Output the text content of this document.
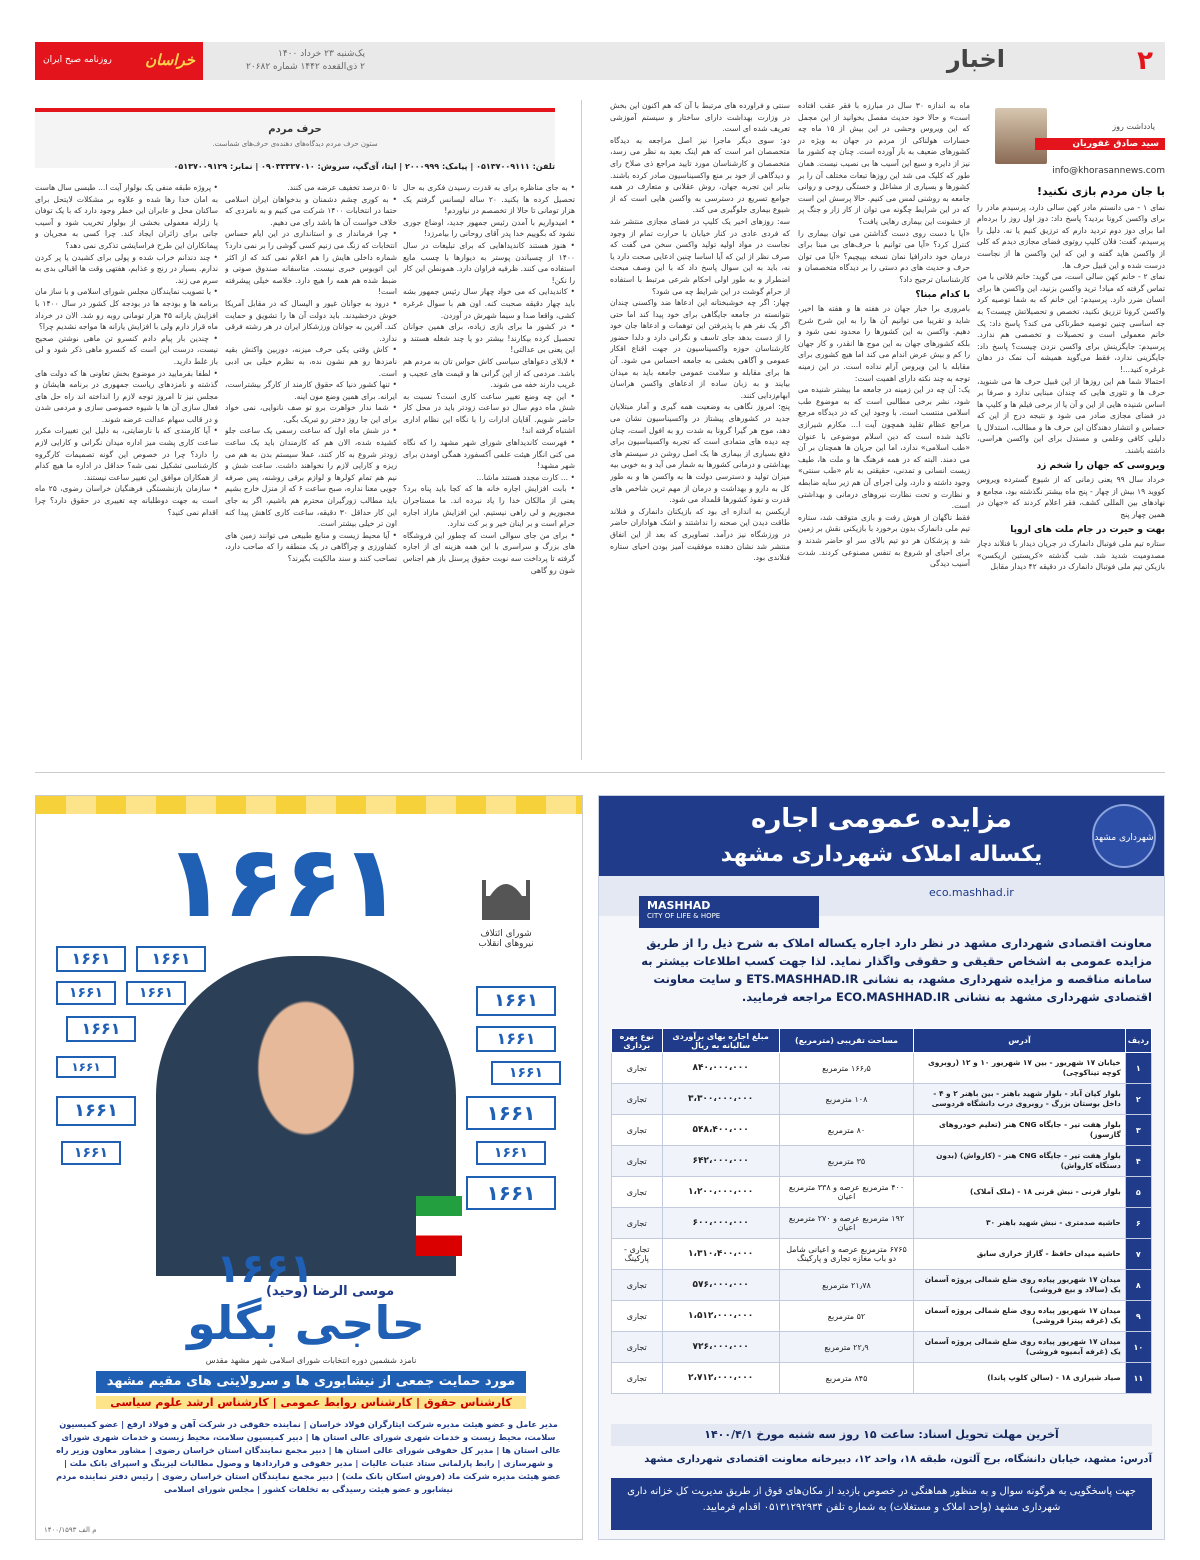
۲
اخبار
یک‌شنبه ۲۳ خرداد ۱۴۰۰
۲ ذی‌القعده ۱۴۴۲ شماره ۲۰۶۸۲
خراسان
روزنامه صبح ایران
یادداشت روز
سید صادق غفوریان
info@khorasannews.com
با جان مردم بازی نکنید!

نمای ۱ - می دانستم مادر کهن سالی دارد، پرسیدم مادر را برای واکسن کرونا بردید؟ پاسخ داد: دوز اول روز را برده‌ام اما برای دوز دوم تردید دارم که ترزیق کنیم یا نه. دلیل را پرسیدم، گفت: فلان کلیپ روتوی فضای مجازی دیدم که کلی از واکسن هاید گفته و این که این واکسن ها از نجاست درست شده و این قبیل حرف ها.

نمای ۲ - خانم کهن سالی است، می گوید: خانم فلانی با من تماس گرفته که میاد! ترید واکسن بزنید، این واکسن ها برای انسان ضرر دارد. پرسیدم: این خانم که به شما توصیه کرد واکسن کرونا تزریق نکنید، تخصص و تحصیلاتش چیست؟ به جه اساسی چنین توصیه خطرناکی می کند؟ پاسخ داد: یک خانم معمولی است و تحصیلات و تخصصی هم ندارد. پرسیدم: جایگزینش برای واکسن نزدن چیست؟ پاسخ داد: جایگزینی ندارد، فقط می‌گوید همیشه آب نمک در دهان غرغره کنید...!

احتمالا شما هم این روزها از این قبیل حرف ها می شنوید، حرف ها و تئوری هایی که چندان مبنایی ندارد و صرفا بر اساس شنیده هایی از این و آن یا از برخی فیلم ها و کلیپ ها در فضای مجازی صادر می شود و نتیجه درج از این که حساس و انتشار دهندگان این حرف ها و مطالب، استدلال یا دلیلی کافی وعلمی و مستدل برای این واکسن هراسی، داشته باشند.

ویروسی که جهان را شخم زد

خرداد سال ۹۹ یعنی زمانی که از شیوع گسترده ویروس کووید ۱۹ بیش از چهار - پنج ماه بیشتر نگذشته بود، مجامع و نهادهای بین المللی کشف، فقر اعلام کردند که «جهان در همین چهار پنج

بهت و حیرت در جام ملت های اروپا

ستاره تیم ملی فوتبال دانمارک در جریان دیدار با فنلاند دچار مصدومیت شدید شد. شب گذشته «کریستین اریکسن» بازیکن تیم ملی فوتبال دانمارک در دقیقه ۴۲ دیدار مقابل

ماه به اندازه ۳۰ سال در مبارزه با فقر عقب افتاده است» و حالا خود حدیث مفصل بخوانید از این مجمل که این ویروس وحشی در این بیش از ۱۵ ماه چه خسارات هولناکی از مردم در جهان به ویژه در کشورهای ضعیف به بار آورده است. چنان چه کشور ما نیز از دایره و سیع این آسیب ها بی نصیب نیست. همان طور که کلیک می شد این روزها تبعات مختلف آن را بر کشورها و بسیاری از مشاغل و خستگی روحی و روانی جامعه به روشنی لمس می کنیم. حالا پرسش این است که در این شرایط چگونه می توان از کار زار و جنگ پر از خشونت این بیماری رهایی یافت؟

«آیا با دست روی دست گذاشتن می توان بیماری را کنترل کرد؟ «آیا می توانیم با حرف‌های بی مبنا برای درمان خود دادرافیا نمان نسخه بپیچیم؟ «آیا می توان حرف و حدیث های دم دستی را بر دیدگاه متخصصان و کارشناسان ترجیح داد؟

با کدام مبنا؟

بامروری برا خبار جهان در هفته ها و هفته ها اخیر، شاید و تقریبا می توانیم آن ها را به این شرح شرح دهیم. واکسن به این کشورها را محدود نمی شود و بلکه کشورهای جهان به این موج ها انقدر، و کار جهان را کم و بیش عرض اندام می کند اما هیچ کشوری برای مقابله با این ویروس آرام نداده است. در این زمینه توجه به چند نکته دارای اهمیت است:

یک: آن چه در این زمینه در جامعه ما بیشتر شنیده می شود، نشر برخی مطالبی است که به موضوع طب اسلامی منتسب است. با وجود این که در دیدگاه مرجع مراجع عظام تقلید همچون آیت ا... مکارم شیرازی تاکید شده است که دین اسلام موضوعی با عنوان «طب اسلامی» ندارد، اما این جریان ها همچنان بر آن می دمند. البته که در همه فرهنگ ها و ملت ها، طیف زیست انسانی و تمدنی، حقیقتی به نام «طب سنتی» وجود داشته و دارد، ولی اجرای آن هم زیر سایه ضابطه و نظارت و تحت نظارت نیروهای درمانی و بهداشتی است.

فقط ناگهان از هوش رفت و بازی متوقف شد، ستاره تیم ملی دانمارک بدون برخورد با بازیکنی نقش بر زمین شد و پزشکان هر دو تیم بالای سر او حاضر شدند و برای احیای او شروع به تنفس مصنوعی کردند. شدت آسیب دیدگی

سنتی و فراورده های مرتبط با آن که هم اکنون این بخش در وزارت بهداشت دارای ساختار و سیستم آموزشی تعریف شده ای است.

دو: سوی دیگر ماجرا نیز اصل مراجعه به دیدگاه متخصصان امر است که هم اینک بعید به نظر می رسد، متخصصان و کارشناسان مورد تایید مراجع ذی صلاح رای و دیدگاهی از خود بر منع واکسیناسیون صادر کرده باشند. بنابر این تجربه جهان، روش عقلانی و متعارف در همه جوامع تسریع در دسترسی به واکسن هایی است که از شیوع بیماری جلوگیری می کند.

سه: روزهای اخیر یک کلیپ در فضای مجازی منتشر شد که فردی عادی در کنار خیابان با حرارت تمام از وجود نجاست در مواد اولیه تولید واکسن سخن می گفت که صرف نظر از این که آیا اساسا چنین ادعایی صحت دارد یا نه، باید به این سوال پاسخ داد که با این وصف مبحث اضطرار و به طور اولی احکام شرعی مرتبط با استفاده از حرام گوشت در این شرایط چه می شود؟

چهار: اگر چه خوشبختانه این ادعاها ضد واکسنی چندان نتوانسته در جامعه جایگاهی برای خود پیدا کند اما حتی اگر یک نفر هم با پذیرفتن این توهمات و ادعاها جان خود را از دست بدهد جای تاسف و نگرانی دارد و دلدا حضور کارشناسان حوزه واکسیناسیون در جهت اقناع افکار عمومی و آگاهی بخشی به جامعه احساس می شود. آن ها برای مقابله و سلامت عمومی جامعه باید به میدان بیایند و به زبان ساده از ادعاهای واکسن هراسان ابهام‌زدایی کنند.

پنج: امروز نگاهی به وضعیت همه گیری و آمار مبتلایان جدید در کشورهای پیشتاز در واکسیناسیون نشان می دهد، موج هر گیرا گرونا به شدت رو به افول است، چنان چه دیده های متمادی است که تجربه واکسیناسیون برای دفع بسیاری از بیماری ها یک اصل روشن در سیستم های بهداشتی و درمانی کشورها به شمار می آید و به خوبی بیه میزان تولید و دسترسی دولت ها به واکسن ها و به طور کل به دارو و بهداشت و درمان از مهم ترین شاخص های قدرت و نفوذ کشورها قلمداد می شود.

اریکسن به اندازه ای بود که بازیکنان دانمارک و فنلاند طاقت دیدن این صحنه را نداشتند و اشک هواداران حاضر در ورزشگاه نیز درآمد. تصاویری که بعد از این اتفاق منتشر شد نشان دهنده موفقیت آمیز بودن احیای ستاره فنلاندی بود.

حرف مردم
ستون حرف مردم دیدگاه‌های دهنده‌ی حرف‌های شماست.
تلفن: ۰۵۱۳۷۰۰۹۱۱۱ | پیامک: ۲۰۰۰۹۹۹ | ایتا، آی‌گپ، سروش: ۰۹۰۳۳۳۳۷۰۱۰ | نمابر: ۰۵۱۳۷۰۰۹۱۲۹
• به جای مناظره برای به قدرت رسیدن فکری به حال تحصیل کرده ها بکنید. ۲۰ ساله لیسانس گرفتم یک هزار تومانی تا حالا از تخصصم در نیاوردم!
• امیدواریم با آمدن رئیس جمهور جدید، اوضاع جوری نشود که بگوییم خدا پدر آقای روحانی را بیامرزد!
• هنوز هستند کاندیداهایی که برای تبلیغات در سال ۱۴۰۰ از چسباندن پوستر به دیوارها با چسب مایع استفاده می کنند. ظرفیه فراوان دارد. همونطن این کار را نکن!
• کاندیدایی که می خواد چهار سال رئیس جمهور بشه باید چهار دقیقه صحبت کنه. اون هم با سوال غرغره کشی، واقعا صدا و سیما شهرش در آوردن.
• در کشور ما برای بازی زیاده، برای همین جوانان تحصیل کرده بیکارند! بیشتر دو یا چند شغله هستند و این یعنی بی عدالتی!
• لابلای دعواهای سیاسی کاش حواس تان به مردم هم باشد. مردمی که از این گرانی ها و قیمت های عجیب و غریب دارند خفه می شوند.
• این چه وضع تغییر ساعت کاری است؟ نسبت به شش ماه دوم سال دو ساعت زودتر باید در محل کار حاضر شویم. آقایان ادارات را با نگاه این نظام اداری اشتباه گرفته اند!
• فهرست کاندیداهای شورای شهر مشهد را که نگاه می کنی انگار هیئت علمی آکسفورد همگی اومدن برای شهر مشهد!
• ... کارت مجدد هستند ماشا...
• بابت افزایش اجاره خانه ها که کجا باید پناه برد؟ یعنی از مالکان خدا را یاد نبرده اند. ما مستاجران مجبوریم و لی راهی نیستیم. این افزایش مازاد اجاره حرام است و بر اینان خیر و بر کت ندارد.
• برای من جای سوالی است که چطور این فروشگاه های بزرگ و سراسری با این همه هزینه ای از اجاره گرفته تا پرداخت سه نوبت حقوق پرسنل باز هم اجناس شون رو گاهی
تا ۵۰ درصد تخفیف عرضه می کنند.
• به کوری چشم دشمنان و بدخواهان ایران اسلامی حتما در انتخابات ۱۴۰۰ شرکت می کنیم و به نامزدی که خلاف خواست آن ها باشد رای می دهیم.
• چرا فرماندار ی و استانداری در این ایام حساس انتخابات که زنگ می زنیم کسی گوشی را بر نمی دارد؟ شماره داخلی هایش را هم اعلام نمی کند که از اکثر این اتوبوس خبری نیست. متاسفانه صندوق صوتی و ضبط شده هم همه را هیچ دارد. خلاصه خیلی پیشرفته است!
• درود به جوانان غیور و الیسال که در مقابل آمریکا خوش درخشیدند. باید دولت آن ها را تشویق و حمایت کند. آفرین به جوانان ورزشکار ایران در هر رشته فرقی ندارد.
• کاش وقتی یکی حرف میزنه، دوربین واکنش بقیه نامزدها رو هم نشون نده، به نظرم خیلی بی ادبی است.
• تنها کشور دنیا که حقوق کارمند از کارگر بیشتراست، ایرانه. برای همین وضع مون اینه.
• شما ندار خواهرت برو تو صف نانوایی، نمی خواد برای این جا روز دختر رو تبریک بگی.
• در شش ماه اول که ساعت رسمی یک ساعت جلو کشیده شده، الان هم که کارمندان باید یک ساعت زودتر شروع به کار کنند، عملا سیستم بدن به هم می ریزه و کارایی لازم را نخواهند داشت. ساعت شش و نیم هم تمام کولرها و لوازم برقی روشنه، پس صرفه جویی معنا نداره، صبح ساعت ۶ که از منزل خارج بشیم باید مطالب زورگیران محترم هم باشیم، اگر به جای این کار حداقل ۳۰ دقیقه، ساعت کاری کاهش پیدا کنه اون تر خیلی بیشتر است.
• آیا محیط زیست و منابع طبیعی می توانند زمین های کشاورزی و چراگاهی در یک منطقه را که صاحب دارد، تصاحب کنند و سند مالکیت بگیرند؟
• پروژه طبقه منفی یک بولوار آیت ا... طبسی سال هاست به امان خدا رها شده و علاوه بر مشکلات لایتحل برای ساکنان محل و عابران این خطر وجود دارد که با یک توفان یا زلزله معمولی بخشی از بولوار تخریب شود و آسیب جانی برای زائران ایجاد کند. چرا کسی به مجریان و پیمانکاران این طرح فراسایشی تذکری نمی دهد؟
• چند دندانم خراب شده و پولی برای کشیدن یا پر کردن ندارم. بسیار در رنج و عذابم، هفتهی وقت ها اقبالی بدی به سرم می زند.
• با تصویب نمایندگان مجلس شورای اسلامی و با ساز مان برنامه ها و بودجه ها در بودجه کل کشور در سال ۱۴۰۰ با افزایش یارانه ۴۵ هزار تومانی روبه رو شد. الان در خرداد ماه قرار دارم ولی با افزایش یارانه ها مواجه نشدیم چرا؟
• چندین بار پیام دادم کنسرو تن ماهی نوشتن صحیح نیست، درست این است که کنسرو ماهی ذکر شود و لی باز غلط دارید.
• لطفا بفرمایید در موضوع بخش تعاونی ها که دولت های گذشته و نامزدهای ریاست جمهوری در برنامه هایشان و مجلس نیز تا امروز توجه لازم را انداخته اند راه حل های فعال سازی آن ها با شیوه خصوصی سازی و مردمی شدن و در قالب سهام عدالت عرضه شوند.
• آیا کارمندی که با نارضایتی، به دلیل این تغییرات مکرر ساعت کاری پشت میز اداره میدان نگرانی و کارایی لازم را دارد؟ چرا در خصوص این گونه تصمیمات کارگروه کارشناسی تشکیل نمی شه؟ حداقل در اداره ما هیچ کدام از همکاران موافق این تغییر ساعت نیستند.
• سازمان بازنشستگی فرهنگیان خراسان رضوی، ۲۵ ماه است به جهت دوطلبانه چه تغییری در حقوق دارد؟ چرا اقدام نمی کنید؟
مزایده عمومی اجاره
یکساله املاک شهرداری مشهد
شهرداری مشهد
MASHHAD
CITY OF LIFE & HOPE
eco.mashhad.ir
معاونت اقتصادی شهرداری مشهد در نظر دارد اجاره یکساله املاک به شرح ذیل را از طریق مزایده عمومی به اشخاص حقیقی و حقوقی واگذار نماید. لذا جهت کسب اطلاعات بیشتر به سامانه مناقصه و مزایده شهرداری مشهد، به نشانی ETS.MASHHAD.IR و سایت معاونت اقتصادی شهرداری مشهد به نشانی ECO.MASHHAD.IR مراجعه فرمایید.
ردیف	آدرس	مساحت تقریبی (مترمربع)	مبلغ اجاره بهای برآوردی سالیانه به ریال	نوع بهره برداری
۱	خیابان ۱۷ شهریور - بین ۱۷ شهریور ۱۰ و ۱۲ (روبروی کوچه تیناکوچی)	۱۶۶٫۵ مترمربع	۸۴۰،۰۰۰،۰۰۰	تجاری
۲	بلوار کیان آباد - بلوار شهید باهنر - بین باهنر ۲ و ۴ - داخل بوستان بزرگ - روبروی درب دانشگاه فردوسی	۱۰۸ مترمربع	۳،۳۰۰،۰۰۰،۰۰۰	تجاری
۳	بلوار هفت تیر - جایگاه CNG هنر (تعلیم خودروهای گازسوز)	۸۰ مترمربع	۵۴۸،۴۰۰،۰۰۰	تجاری
۴	بلوار هفت تیر - جایگاه CNG هنر - (کارواش) (بدون دستگاه کارواش)	۳۵ مترمربع	۶۴۲،۰۰۰،۰۰۰	تجاری
۵	بلوار قرنی - نبش قرنی ۱۸ - (ملک اَملاک)	۴۰۰ مترمربع عرصه و ۳۳۸ مترمربع اعیان	۱،۲۰۰،۰۰۰،۰۰۰	تجاری
۶	حاشیه صدمتری - نبش شهید باهنر ۳۰	۱۹۲ مترمربع عرصه و ۲۷۰ مترمربع اعیان	۶۰۰،۰۰۰،۰۰۰	تجاری
۷	حاشیه میدان حافظ - گاراژ خرازی سابق	۶۷۶۵ مترمربع عرصه و اعیانی شامل دو باب مغازه تجاری و پارکینگ	۱،۳۱۰،۴۰۰،۰۰۰	تجاری - پارکینگ
۸	میدان ۱۷ شهریور پیاده روی ضلع شمالی پروژه آسمان یک (سالاد و بیع فروشی)	۲۱٫۷۸ مترمربع	۵۷۶،۰۰۰،۰۰۰	تجاری
۹	میدان ۱۷ شهریور پیاده روی ضلع شمالی پروژه آسمان یک (غرفه پیتزا فروشی)	۵۲ مترمربع	۱،۵۱۲،۰۰۰،۰۰۰	تجاری
۱۰	میدان ۱۷ شهریور پیاده روی ضلع شمالی پروژه آسمان یک (غرفه آبمیوه فروشی)	۲۲٫۹ مترمربع	۷۲۶،۰۰۰،۰۰۰	تجاری
۱۱	صیاد شیرازی ۱۸ - (سالن کلوپ پاندا)	۸۴۵ مترمربع	۲،۷۱۲،۰۰۰،۰۰۰	تجاری
آخرین مهلت تحویل اسناد: ساعت ۱۵ روز سه شنبه مورخ ۱۴۰۰/۴/۱
آدرس: مشهد، خیابان دانشگاه، برج آلتون، طبقه ۱۸، واحد ۱۲، دبیرخانه معاونت اقتصادی شهرداری مشهد
جهت پاسخگویی به هرگونه سوال و به منظور هماهنگی در خصوص بازدید از مکان‌های فوق از طریق مدیریت کل خزانه داری شهرداری مشهد (واحد املاک و مستغلات) به شماره تلفن ۰۵۱۳۱۲۹۲۹۳۴ اقدام فرمایید.
۱۶۶۱
۱۶۶۱	۱۶۶۱
۱۶۶۱	۱۶۶۱
۱۶۶۱
۱۶۶۱
۱۶۶۱
۱۶۶۱
۱۶۶۱
۱۶۶۱
۱۶۶۱
۱۶۶۱
۱۶۶۱
۱۶۶۱
شورای ائتلاف نیروهای انقلاب
۱۶۶۱
موسی الرضا (وحید)
حاجی بگلو
نامزد ششمین دوره انتخابات شورای اسلامی شهر مشهد مقدس
مورد حمایت جمعی از نیشابوری ها و سرولایتی های مقیم مشهد
کارشناس حقوق | کارشناس روابط عمومی | کارشناس ارشد علوم سیاسی
مدیر عامل و عضو هیئت مدیره شرکت ایثارگران فولاد خراسان | نماینده حقوقی در شرکت آهن و فولاد ارفع | عضو کمیسیون سلامت، محیط زیست و خدمات شهری شورای عالی استان ها | دبیر کمیسیون سلامت، محیط زیست و خدمات شهری شورای عالی استان ها | مدیر کل حقوقی شورای عالی استان ها | دبیر مجمع نمایندگان استان خراسان رضوی | مشاور معاون وزیر راه و شهرسازی | رابط پارلمانی ستاد عتبات عالیات | مدیر حقوقی و قراردادها و وصول مطالبات لیزینگ و اسپرای بانک ملت | عضو هیئت مدیره شرکت ماد (فروش اسکان بانک ملت) | دبیر مجمع نمایندگان استان خراسان رضوی | رئیس دفتر نماینده مردم نیشابور و عضو هیئت رسیدگی به تخلفات کشور | مجلس شورای اسلامی
م الف ۱۴۰۰/۱۵۹۳
